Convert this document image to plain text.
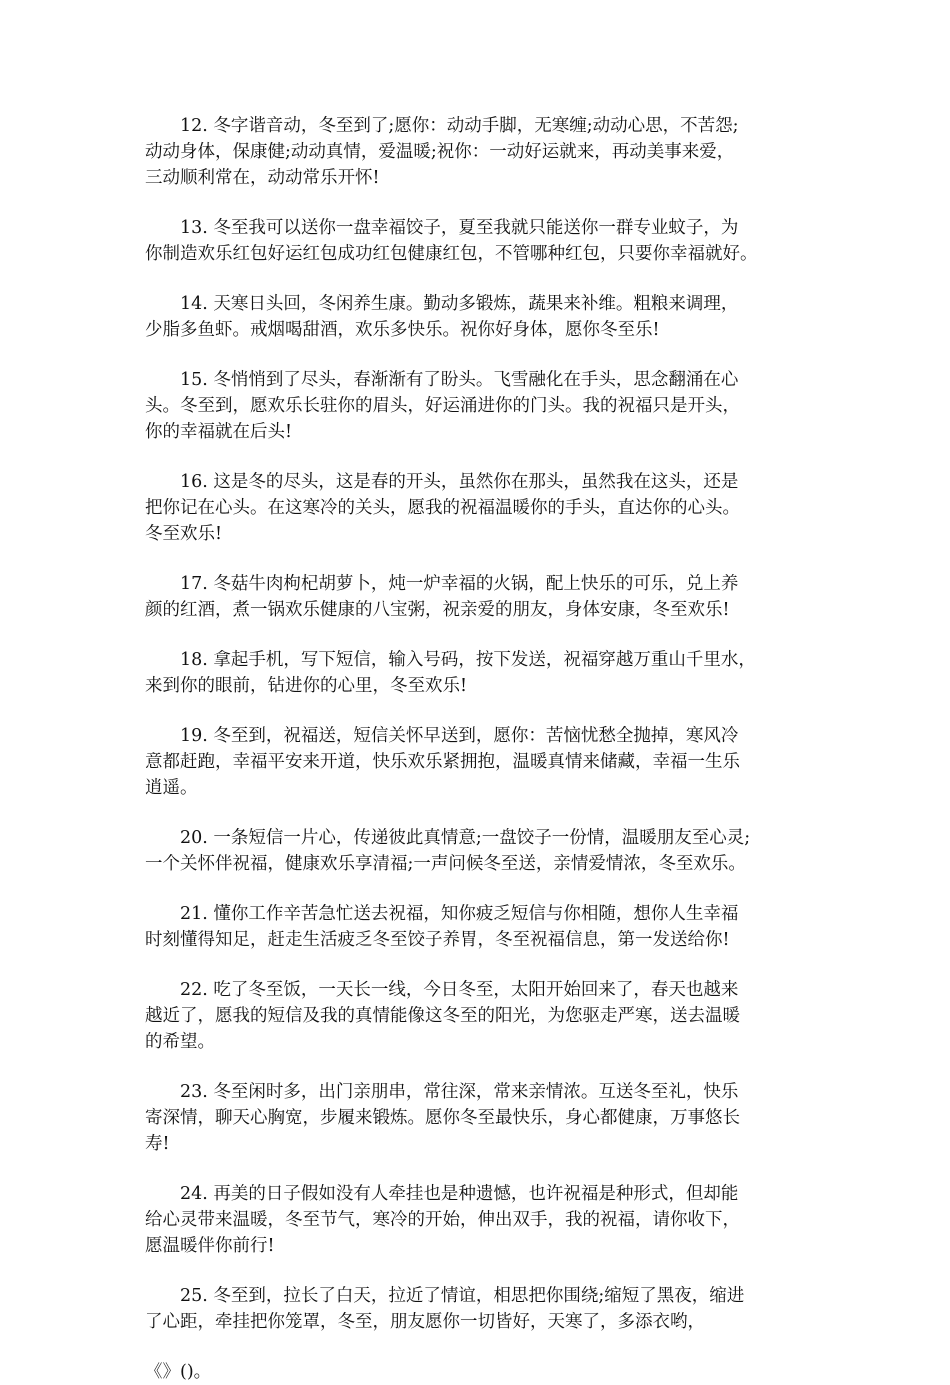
12. 冬字谐音动，冬至到了;愿你：动动手脚，无寒缠;动动心思，不苦怨;
动动身体，保康健;动动真情，爱温暖;祝你：一动好运就来，再动美事来爱，
三动顺利常在，动动常乐开怀!

13. 冬至我可以送你一盘幸福饺子，夏至我就只能送你一群专业蚊子，为
你制造欢乐红包好运红包成功红包健康红包，不管哪种红包，只要你幸福就好。

14. 天寒日头回，冬闲养生康。勤动多锻炼，蔬果来补维。粗粮来调理，
少脂多鱼虾。戒烟喝甜酒，欢乐多快乐。祝你好身体，愿你冬至乐!

15. 冬悄悄到了尽头，春渐渐有了盼头。飞雪融化在手头，思念翻涌在心
头。冬至到，愿欢乐长驻你的眉头，好运涌进你的门头。我的祝福只是开头，
你的幸福就在后头!

16. 这是冬的尽头，这是春的开头，虽然你在那头，虽然我在这头，还是
把你记在心头。在这寒冷的关头，愿我的祝福温暖你的手头，直达你的心头。
冬至欢乐!

17. 冬菇牛肉枸杞胡萝卜，炖一炉幸福的火锅，配上快乐的可乐，兑上养
颜的红酒，煮一锅欢乐健康的八宝粥，祝亲爱的朋友，身体安康，冬至欢乐!

18. 拿起手机，写下短信，输入号码，按下发送，祝福穿越万重山千里水，
来到你的眼前，钻进你的心里，冬至欢乐!

19. 冬至到，祝福送，短信关怀早送到，愿你：苦恼忧愁全抛掉，寒风冷
意都赶跑，幸福平安来开道，快乐欢乐紧拥抱，温暖真情来储藏，幸福一生乐
逍遥。

20. 一条短信一片心，传递彼此真情意;一盘饺子一份情，温暖朋友至心灵;
一个关怀伴祝福，健康欢乐享清福;一声问候冬至送，亲情爱情浓，冬至欢乐。

21. 懂你工作辛苦急忙送去祝福，知你疲乏短信与你相随，想你人生幸福
时刻懂得知足，赶走生活疲乏冬至饺子养胃，冬至祝福信息，第一发送给你!

22. 吃了冬至饭，一天长一线，今日冬至，太阳开始回来了，春天也越来
越近了，愿我的短信及我的真情能像这冬至的阳光，为您驱走严寒，送去温暖
的希望。

23. 冬至闲时多，出门亲朋串，常往深，常来亲情浓。互送冬至礼，快乐
寄深情，聊天心胸宽，步履来锻炼。愿你冬至最快乐，身心都健康，万事悠长
寿!

24. 再美的日子假如没有人牵挂也是种遗憾，也许祝福是种形式，但却能
给心灵带来温暖，冬至节气，寒冷的开始，伸出双手，我的祝福，请你收下，
愿温暖伴你前行!

25. 冬至到，拉长了白天，拉近了情谊，相思把你围绕;缩短了黑夜，缩进
了心距，牵挂把你笼罩，冬至，朋友愿你一切皆好，天寒了，多添衣哟，

《》()。
